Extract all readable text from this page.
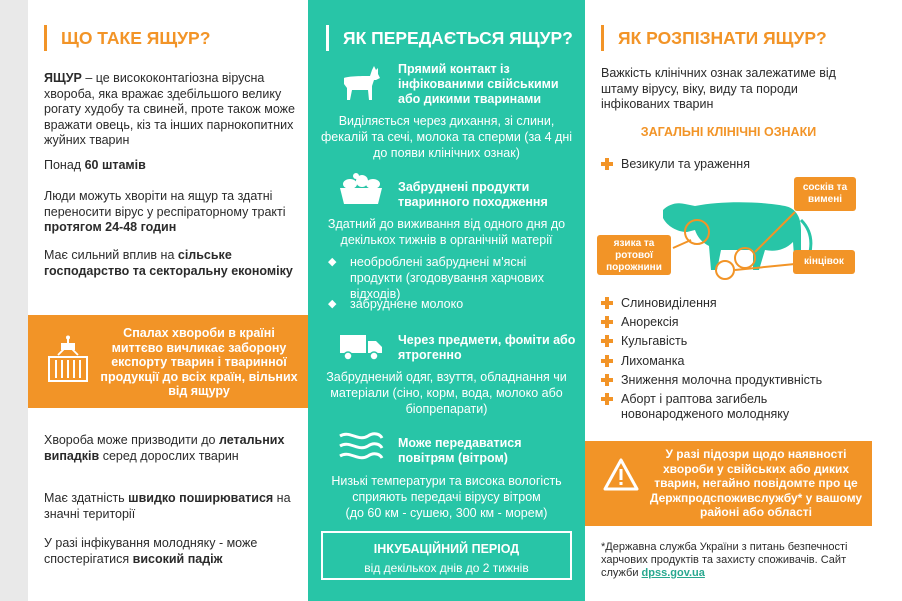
ЩО ТАКЕ ЯЩУР?
ЯЩУР – це висококонтагіозна вірусна хвороба, яка вражає здебільшого велику рогату худобу та свиней, проте також може вражати овець, кіз та інших парнокопитних жуйних тварин
Понад 60 штамів
Люди можуть хворіти на ящур та здатні переносити вірус у респіраторному тракті протягом 24-48 годин
Має сильний вплив на сільське господарство та секторальну економіку
Спалах хвороби в країні миттєво вичликає заборону експорту тварин і тваринної продукції до всіх країн, вільних від ящуру
Хвороба може призводити до летальних випадків серед дорослих тварин
Має здатність швидко поширюватися на значні території
У разі інфікування молодняку - може спостерігатися високий падіж
ЯК ПЕРЕДАЄТЬСЯ ЯЩУР?
Прямий контакт із інфікованими свійськими або дикими тваринами
Виділяється через дихання, зі слини, фекалій та сечі, молока та сперми (за 4 дні до появи клінічних ознак)
Забруднені продукти тваринного походження
Здатний до виживання від одного дня до декількох тижнів в органічній матерії
◆ необроблені забруднені м'ясні продукти (згодовування харчових відходів)
◆ забруднене молоко
Через предмети, фоміти або ятрогенно
Забруднений одяг, взуття, обладнання чи матеріали (сіно, корм, вода, молоко або біопрепарати)
Може передаватися повітрям (вітром)
Низькі температури та висока вологість сприяють передачі вірусу вітром
(до 60 км - сушею, 300 км - морем)
ІНКУБАЦІЙНИЙ ПЕРІОД
від декількох днів до 2 тижнів
ЯК РОЗПІЗНАТИ ЯЩУР?
Важкість клінічних ознак залежатиме від штаму вірусу, віку, виду та породи інфікованих тварин
ЗАГАЛЬНІ КЛІНІЧНІ ОЗНАКИ
Везикули та ураження
сосків та вимені
язика та ротової порожнини
кінцівок
Слиновиділення
Анорексія
Кульгавість
Лихоманка
Зниження молочна продуктивність
Аборт і раптова загибель новонародженого молодняку
У разі підозри щодо наявності хвороби у свійських або диких тварин, негайно повідомте про це Держпродспоживслужбу* у вашому районі або області
*Державна служба України з питань безпечності харчових продуктів та захисту споживачів. Сайт служби dpss.gov.ua
